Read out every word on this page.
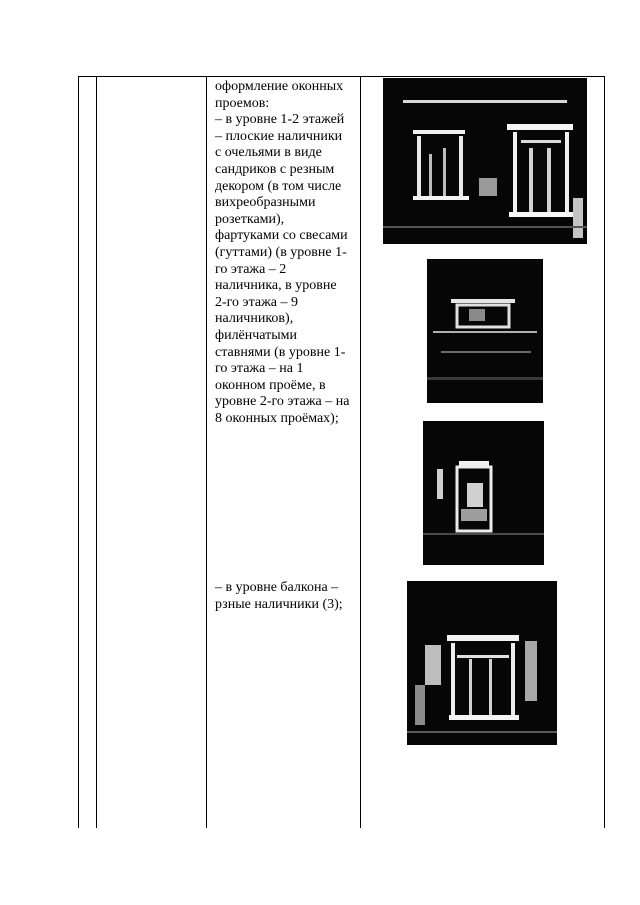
оформление оконных
проемов:
– в уровне 1-2 этажей
– плоские наличники
с очельями в виде
сандриков с резным
декором (в том числе
вихреобразными
розетками),
фартуками со свесами
(гуттами) (в уровне 1-
го этажа – 2
наличника, в уровне
2-го этажа – 9
наличников),
филёнчатыми
ставнями (в уровне 1-
го этажа – на 1
оконном проёме, в
уровне 2-го этажа – на
8 оконных проёмах);
– в уровне балкона –
рзные наличники (3);
